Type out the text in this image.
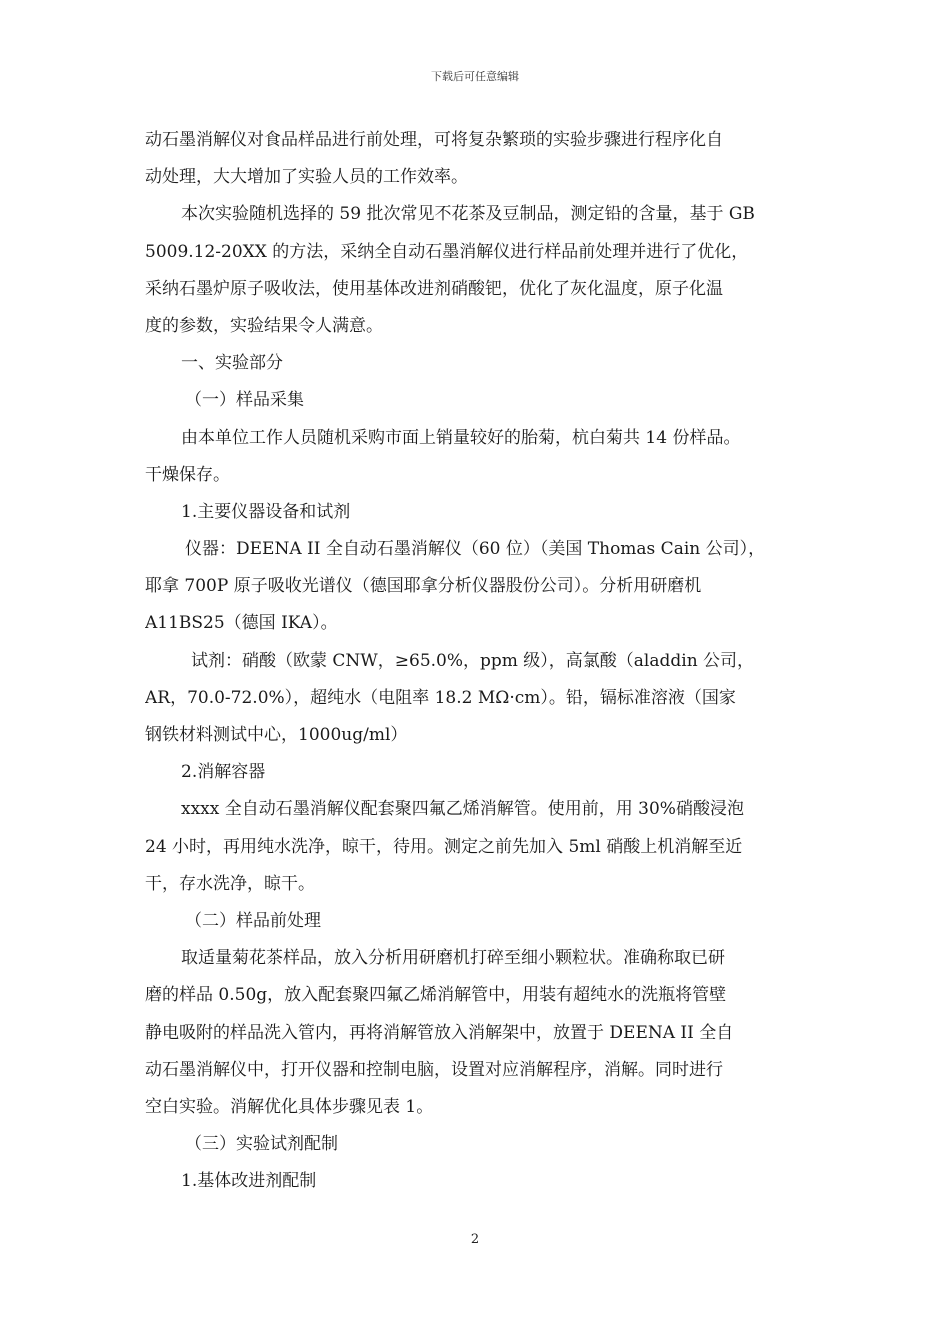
下载后可任意编辑
动石墨消解仪对食品样品进行前处理，可将复杂繁琐的实验步骤进行程序化自
动处理，大大增加了实验人员的工作效率。
本次实验随机选择的 59 批次常见不花茶及豆制品，测定铅的含量，基于 GB
5009.12-20XX 的方法，采纳全自动石墨消解仪进行样品前处理并进行了优化，
采纳石墨炉原子吸收法，使用基体改进剂硝酸钯，优化了灰化温度，原子化温
度的参数，实验结果令人满意。
一、实验部分
（一）样品采集
由本单位工作人员随机采购市面上销量较好的胎菊，杭白菊共 14 份样品。
干燥保存。
1.主要仪器设备和试剂
仪器：DEENA II 全自动石墨消解仪（60 位）（美国 Thomas Cain 公司），
耶拿 700P 原子吸收光谱仪（德国耶拿分析仪器股份公司）。分析用研磨机
A11BS25（德国 IKA）。
试剂：硝酸（欧蒙 CNW，≥65.0%，ppm 级），高氯酸（aladdin 公司，
AR，70.0-72.0%），超纯水（电阻率 18.2 MΩ·cm）。铅，镉标准溶液（国家
钢铁材料测试中心，1000ug/ml）
2.消解容器
xxxx 全自动石墨消解仪配套聚四氟乙烯消解管。使用前，用 30%硝酸浸泡
24 小时，再用纯水洗净，晾干，待用。测定之前先加入 5ml 硝酸上机消解至近
干，存水洗净，晾干。
（二）样品前处理
取适量菊花茶样品，放入分析用研磨机打碎至细小颗粒状。准确称取已研
磨的样品 0.50g，放入配套聚四氟乙烯消解管中，用装有超纯水的洗瓶将管壁
静电吸附的样品洗入管内，再将消解管放入消解架中，放置于 DEENA II 全自
动石墨消解仪中，打开仪器和控制电脑，设置对应消解程序，消解。同时进行
空白实验。消解优化具体步骤见表 1。
（三）实验试剂配制
1.基体改进剂配制
2
